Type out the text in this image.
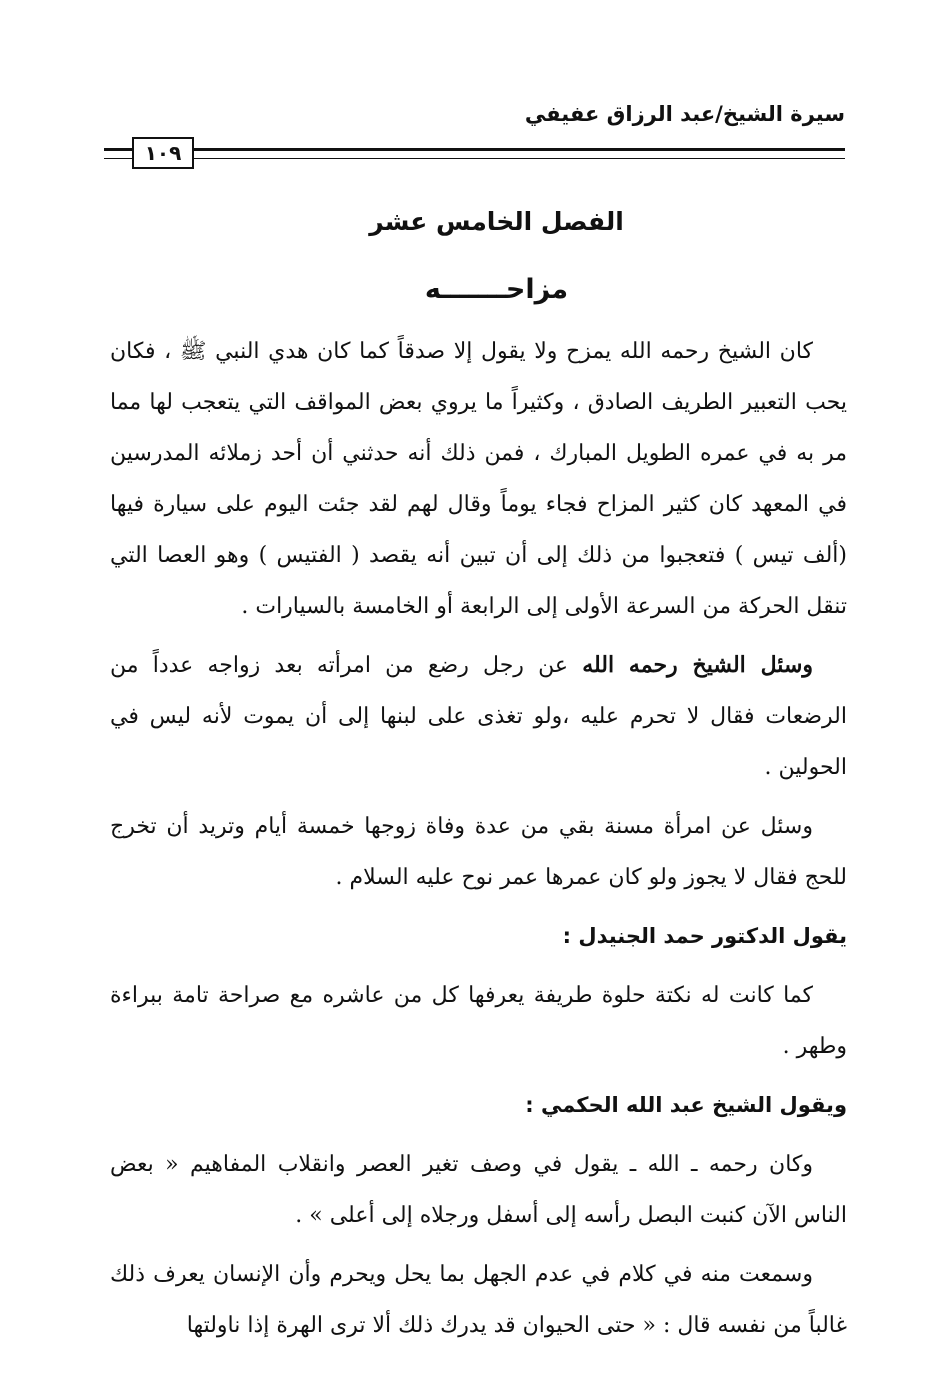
سيرة الشيخ/عبد الرزاق عفيفي
١٠٩
الفصل الخامس عشر
مزاحـــــــه

كان الشيخ رحمه الله يمزح ولا يقول إلا صدقاً كما كان هدي النبي ﷺ ، فكان يحب التعبير الطريف الصادق ، وكثيراً ما يروي بعض المواقف التي يتعجب لها مما مر به في عمره الطويل المبارك ، فمن ذلك أنه حدثني أن أحد زملائه المدرسين في المعهد كان كثير المزاح فجاء يوماً وقال لهم لقد جئت اليوم على سيارة فيها (ألف تيس ) فتعجبوا من ذلك إلى أن تبين أنه يقصد ( الفتيس ) وهو العصا التي تنقل الحركة من السرعة الأولى إلى الرابعة أو الخامسة بالسيارات .

وسئل الشيخ رحمه الله عن رجل رضع من امرأته بعد زواجه عدداً من الرضعات فقال لا تحرم عليه ،ولو تغذى على لبنها إلى أن يموت لأنه ليس في الحولين .

وسئل عن امرأة مسنة بقي من عدة وفاة زوجها خمسة أيام وتريد أن تخرج للحج فقال لا يجوز ولو كان عمرها عمر نوح عليه السلام .

يقول الدكتور حمد الجنيدل :

كما كانت له نكتة حلوة طريفة يعرفها كل من عاشره مع صراحة تامة ببراءة وطهر .

ويقول الشيخ عبد الله الحكمي :

وكان رحمه ـ الله ـ يقول في وصف تغير العصر وانقلاب المفاهيم « بعض الناس الآن كنبت البصل رأسه إلى أسفل ورجلاه إلى أعلى » .

وسمعت منه في كلام في عدم الجهل بما يحل ويحرم وأن الإنسان يعرف ذلك غالباً من نفسه قال : « حتى الحيوان قد يدرك ذلك ألا ترى الهرة إذا ناولتها
